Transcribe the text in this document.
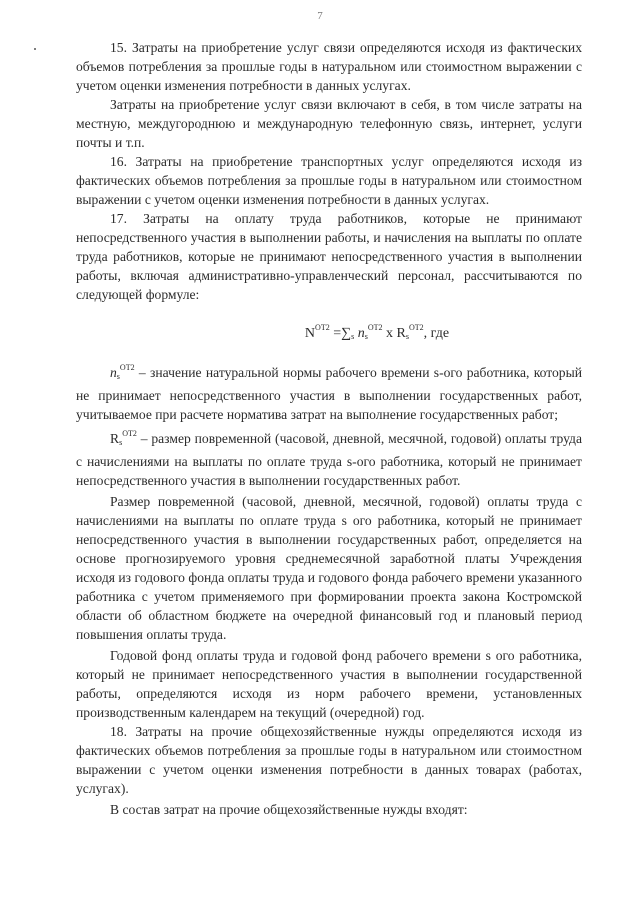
7

15. Затраты на приобретение услуг связи определяются исходя из фактических объемов потребления за прошлые годы в натуральном или стоимостном выражении с учетом оценки изменения потребности в данных услугах.

Затраты на приобретение услуг связи включают в себя, в том числе затраты на местную, междугороднюю и международную телефонную связь, интернет, услуги почты и т.п.

16. Затраты на приобретение транспортных услуг определяются исходя из фактических объемов потребления за прошлые годы в натуральном или стоимостном выражении с учетом оценки изменения потребности в данных услугах.

17. Затраты на оплату труда работников, которые не принимают непосредственного участия в выполнении работы, и начисления на выплаты по оплате труда работников, которые не принимают непосредственного участия в выполнении работы, включая административно-управленческий персонал, рассчитываются по следующей формуле:

$N^{ОТ2} =\sum_s$ $n_s^{ОТ2}$ x $R_s^{ОТ2}$, где

$n_s^{ОТ2}$ – значение натуральной нормы рабочего времени s-ого работника, который не принимает непосредственного участия в выполнении государственных работ, учитываемое при расчете норматива затрат на выполнение государственных работ;

$R_s^{ОТ2}$ – размер повременной (часовой, дневной, месячной, годовой) оплаты труда с начислениями на выплаты по оплате труда s-ого работника, который не принимает непосредственного участия в выполнении государственных работ.

Размер повременной (часовой, дневной, месячной, годовой) оплаты труда с начислениями на выплаты по оплате труда s ого работника, который не принимает непосредственного участия в выполнении государственных работ, определяется на основе прогнозируемого уровня среднемесячной заработной платы Учреждения исходя из годового фонда оплаты труда и годового фонда рабочего времени указанного работника с учетом применяемого при формировании проекта закона Костромской области об областном бюджете на очередной финансовый год и плановый период повышения оплаты труда.

Годовой фонд оплаты труда и годовой фонд рабочего времени s ого работника, который не принимает непосредственного участия в выполнении государственной работы, определяются исходя из норм рабочего времени, установленных производственным календарем на текущий (очередной) год.

18. Затраты на прочие общехозяйственные нужды определяются исходя из фактических объемов потребления за прошлые годы в натуральном или стоимостном выражении с учетом оценки изменения потребности в данных товарах (работах, услугах).

В состав затрат на прочие общехозяйственные нужды входят:
